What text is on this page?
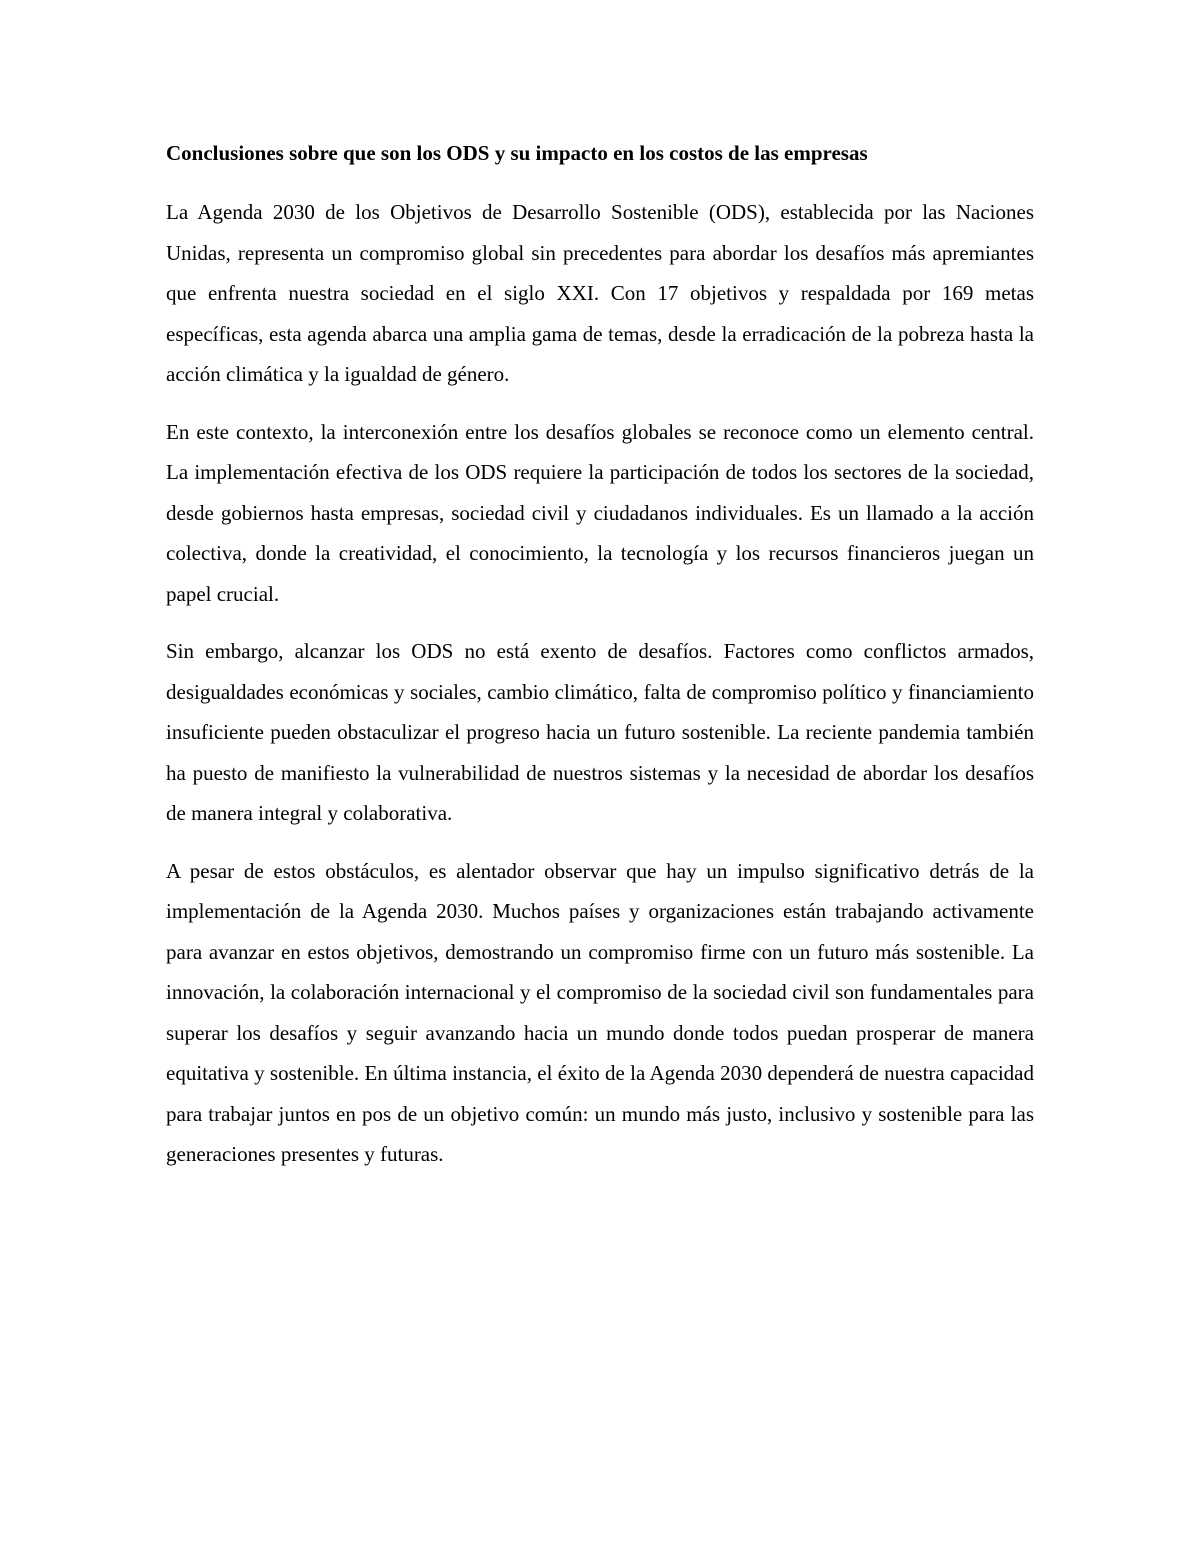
Conclusiones sobre que son los ODS y su impacto en los costos de las empresas

La Agenda 2030 de los Objetivos de Desarrollo Sostenible (ODS), establecida por las Naciones Unidas, representa un compromiso global sin precedentes para abordar los desafíos más apremiantes que enfrenta nuestra sociedad en el siglo XXI. Con 17 objetivos y respaldada por 169 metas específicas, esta agenda abarca una amplia gama de temas, desde la erradicación de la pobreza hasta la acción climática y la igualdad de género.

En este contexto, la interconexión entre los desafíos globales se reconoce como un elemento central. La implementación efectiva de los ODS requiere la participación de todos los sectores de la sociedad, desde gobiernos hasta empresas, sociedad civil y ciudadanos individuales. Es un llamado a la acción colectiva, donde la creatividad, el conocimiento, la tecnología y los recursos financieros juegan un papel crucial.

Sin embargo, alcanzar los ODS no está exento de desafíos. Factores como conflictos armados, desigualdades económicas y sociales, cambio climático, falta de compromiso político y financiamiento insuficiente pueden obstaculizar el progreso hacia un futuro sostenible. La reciente pandemia también ha puesto de manifiesto la vulnerabilidad de nuestros sistemas y la necesidad de abordar los desafíos de manera integral y colaborativa.

A pesar de estos obstáculos, es alentador observar que hay un impulso significativo detrás de la implementación de la Agenda 2030. Muchos países y organizaciones están trabajando activamente para avanzar en estos objetivos, demostrando un compromiso firme con un futuro más sostenible. La innovación, la colaboración internacional y el compromiso de la sociedad civil son fundamentales para superar los desafíos y seguir avanzando hacia un mundo donde todos puedan prosperar de manera equitativa y sostenible. En última instancia, el éxito de la Agenda 2030 dependerá de nuestra capacidad para trabajar juntos en pos de un objetivo común: un mundo más justo, inclusivo y sostenible para las generaciones presentes y futuras.
